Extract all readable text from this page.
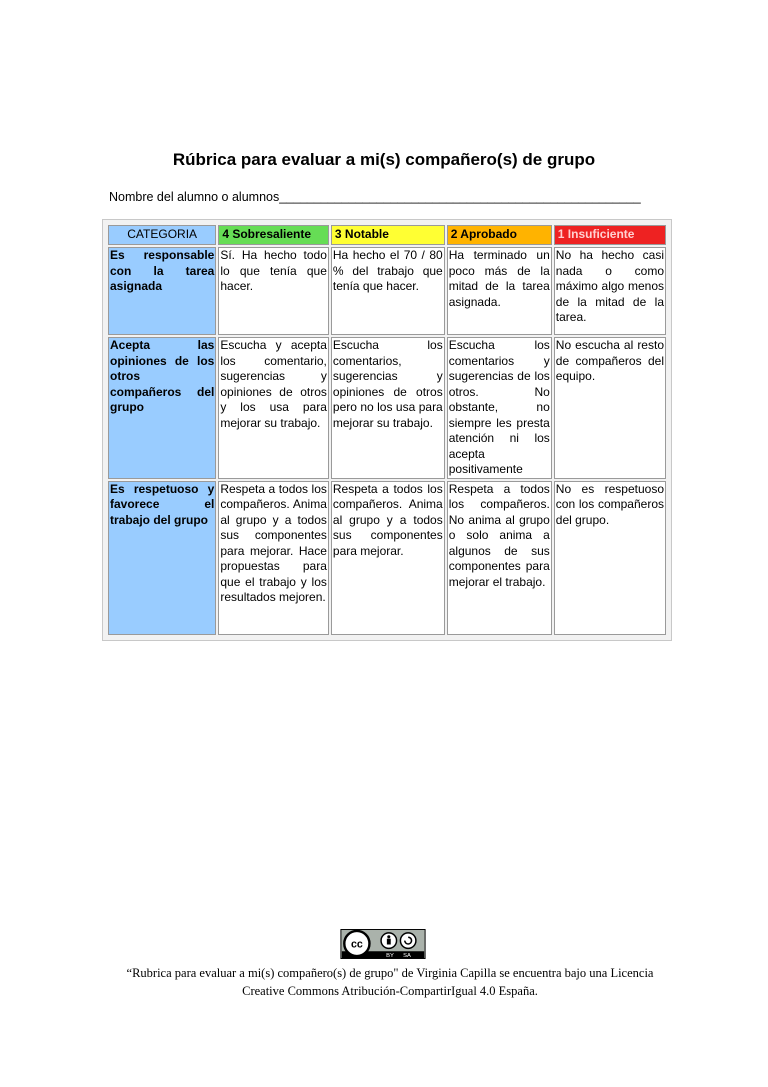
Rúbrica para evaluar a mi(s) compañero(s) de grupo
Nombre del alumno o alumnos____________________________________________________
CATEGORIA	4 Sobresaliente	3 Notable	2 Aprobado	1 Insuficiente
Es responsable con la tarea asignada	Sí. Ha hecho todo lo que tenía que hacer.	Ha hecho el 70 / 80 % del trabajo que tenía que hacer.	Ha terminado un poco más de la mitad de la tarea asignada.	No ha hecho casi nada o como máximo algo menos de la mitad de la tarea.
Acepta las opiniones de los otros compañeros del grupo	Escucha y acepta los comentario, sugerencias y opiniones de otros y los usa para mejorar su trabajo.	Escucha los comentarios, sugerencias y opiniones de otros pero no los usa para mejorar su trabajo.	Escucha los comentarios y sugerencias de los otros. No obstante, no siempre les presta atención ni los acepta positivamente	No escucha al resto de compañeros del equipo.
Es respetuoso y favorece el trabajo del grupo	Respeta a todos los compañeros. Anima al grupo y a todos sus componentes para mejorar. Hace propuestas para que el trabajo y los resultados mejoren.	Respeta a todos los compañeros. Anima al grupo y a todos sus componentes para mejorar.	Respeta a todos los compañeros. No anima al grupo o solo anima a algunos de sus componentes para mejorar el trabajo.	No es respetuoso con los compañeros del grupo.
cc
BY SA
“Rubrica para evaluar a mi(s) compañero(s) de grupo" de Virginia Capilla se encuentra bajo una Licencia
Creative Commons Atribución-CompartirIgual 4.0 España.
